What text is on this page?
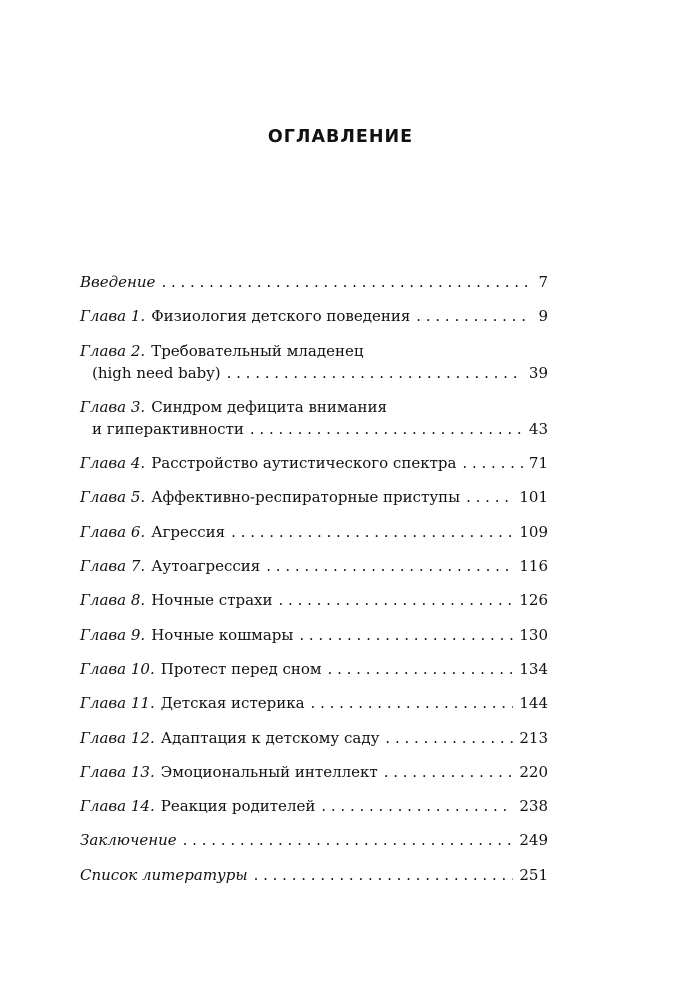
ОГЛАВЛЕНИЕ
Введение . . .	7
Глава 1. Физиология детского поведения . . .	9
Глава 2. Требовательный младенец
(high need baby) . . .	39
Глава 3. Синдром дефицита внимания
и гиперактивности . . .	43
Глава 4. Расстройство аутистического спектра . . .	71
Глава 5. Аффективно-респираторные приступы . . .	101
Глава 6. Агрессия . . .	109
Глава 7. Аутоагрессия . . .	116
Глава 8. Ночные страхи . . .	126
Глава 9. Ночные кошмары . . .	130
Глава 10. Протест перед сном . . .	134
Глава 11. Детская истерика . . .	144
Глава 12. Адаптация к детскому саду . . .	213
Глава 13. Эмоциональный интеллект . . .	220
Глава 14. Реакция родителей . . .	238
Заключение . . .	249
Список литературы . . .	251
